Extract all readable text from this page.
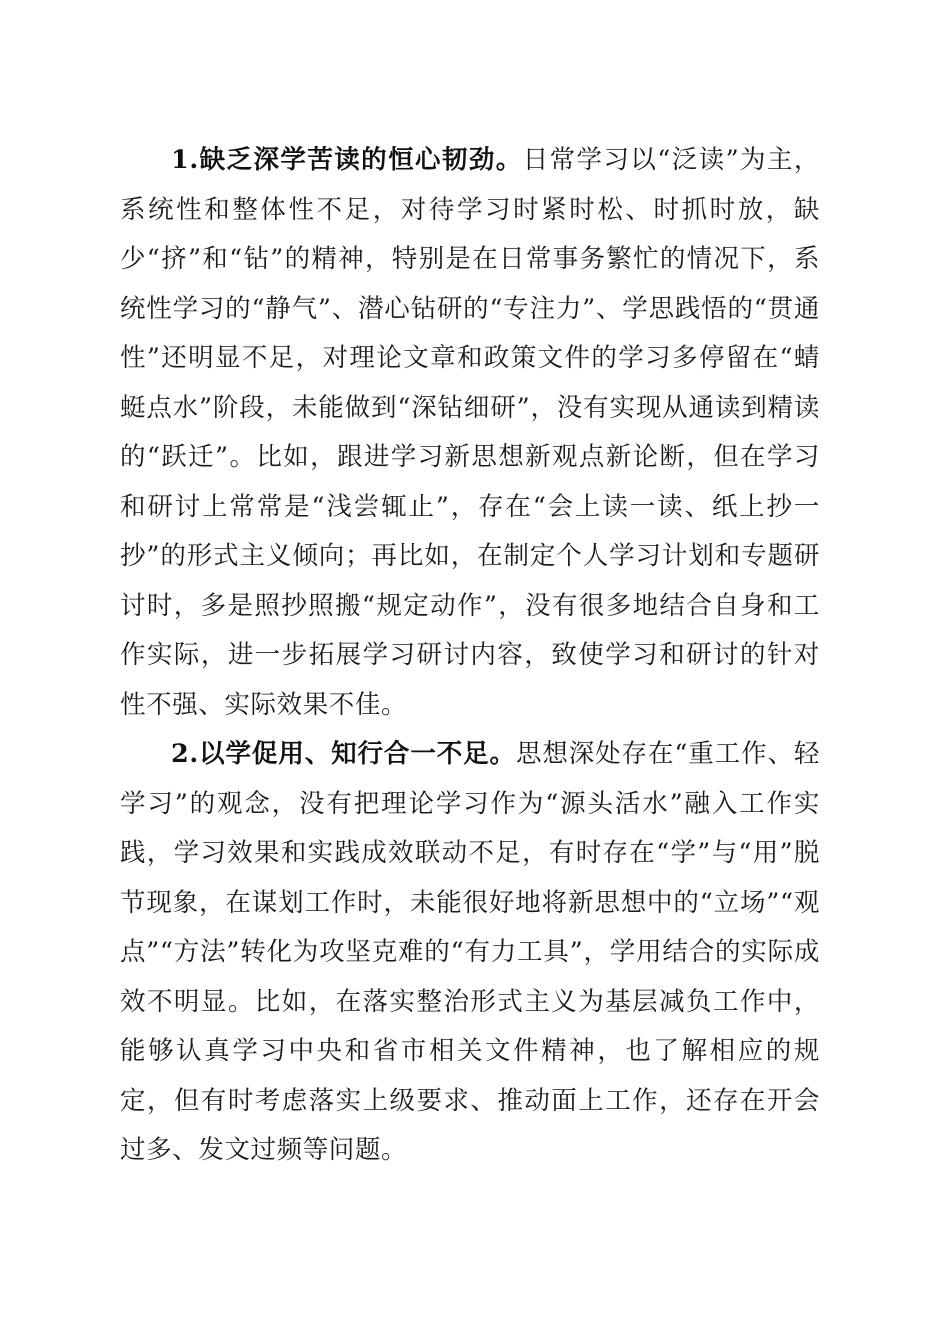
1.缺乏深学苦读的恒心韧劲。日常学习以“泛读”为主，系统性和整体性不足，对待学习时紧时松、时抓时放，缺少“挤”和“钻”的精神，特别是在日常事务繁忙的情况下，系统性学习的“静气”、潜心钻研的“专注力”、学思践悟的“贯通性”还明显不足，对理论文章和政策文件的学习多停留在“蜻蜓点水”阶段，未能做到“深钻细研”，没有实现从通读到精读的“跃迁”。比如，跟进学习新思想新观点新论断，但在学习和研讨上常常是“浅尝辄止”，存在“会上读一读、纸上抄一抄”的形式主义倾向；再比如，在制定个人学习计划和专题研讨时，多是照抄照搬“规定动作”，没有很多地结合自身和工作实际，进一步拓展学习研讨内容，致使学习和研讨的针对性不强、实际效果不佳。

2.以学促用、知行合一不足。思想深处存在“重工作、轻学习”的观念，没有把理论学习作为“源头活水”融入工作实践，学习效果和实践成效联动不足，有时存在“学”与“用”脱节现象，在谋划工作时，未能很好地将新思想中的“立场”“观点”“方法”转化为攻坚克难的“有力工具”，学用结合的实际成效不明显。比如，在落实整治形式主义为基层减负工作中，能够认真学习中央和省市相关文件精神，也了解相应的规定，但有时考虑落实上级要求、推动面上工作，还存在开会过多、发文过频等问题。
